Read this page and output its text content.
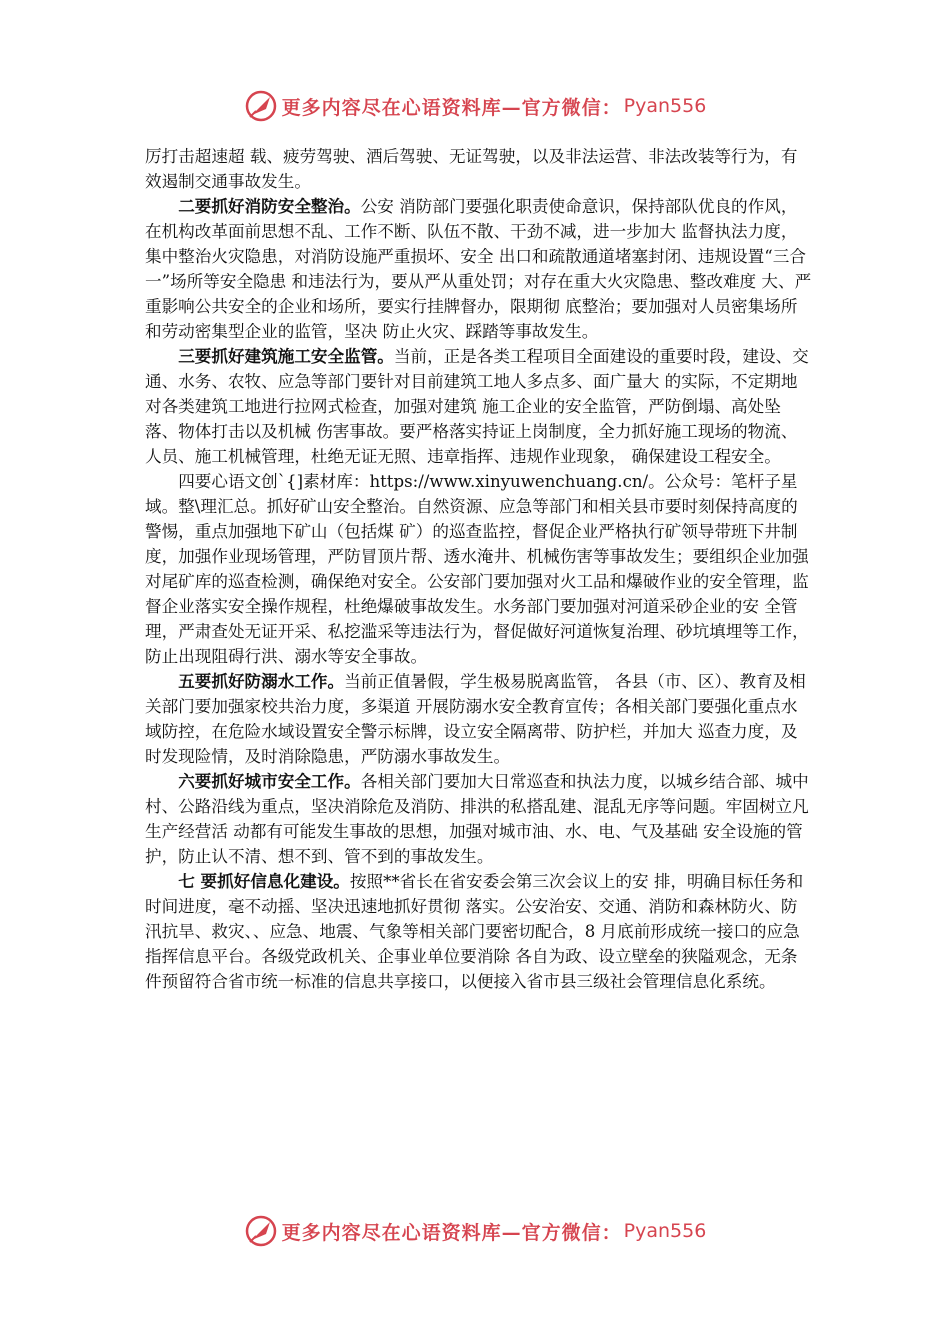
更多内容尽在心语资料库—官方微信： Pyan556

厉打击超速超 载、疲劳驾驶、酒后驾驶、无证驾驶，以及非法运营、非法改装等行为，有效遏制交通事故发生。

二要抓好消防安全整治。公安 消防部门要强化职责使命意识，保持部队优良的作风，在机构改革面前思想不乱、工作不断、队伍不散、干劲不减，进一步加大 监督执法力度，集中整治火灾隐患，对消防设施严重损坏、安全 出口和疏散通道堵塞封闭、违规设置“三合一”场所等安全隐患 和违法行为，要从严从重处罚；对存在重大火灾隐患、整改难度 大、严重影响公共安全的企业和场所，要实行挂牌督办，限期彻 底整治；要加强对人员密集场所和劳动密集型企业的监管，坚决 防止火灾、踩踏等事故发生。

三要抓好建筑施工安全监管。当前，正是各类工程项目全面建设的重要时段，建设、交通、水务、农牧、应急等部门要针对目前建筑工地人多点多、面广量大 的实际，不定期地对各类建筑工地进行拉网式检查，加强对建筑 施工企业的安全监管，严防倒塌、高处坠落、物体打击以及机械 伤害事故。要严格落实持证上岗制度，全力抓好施工现场的物流、人员、施工机械管理，杜绝无证无照、违章指挥、违规作业现象， 确保建设工程安全。

四要心语文创`{]素材库：https://www.xinyuwenchuang.cn/。公众号：笔杆子星域。整\理汇总。抓好矿山安全整治。自然资源、应急等部门和相关县市要时刻保持高度的警惕，重点加强地下矿山（包括煤 矿）的巡查监控，督促企业严格执行矿领导带班下井制度，加强作业现场管理，严防冒顶片帮、透水淹井、机械伤害等事故发生；要组织企业加强对尾矿库的巡查检测，确保绝对安全。公安部门要加强对火工品和爆破作业的安全管理，监督企业落实安全操作规程，杜绝爆破事故发生。水务部门要加强对河道采砂企业的安 全管理，严肃查处无证开采、私挖滥采等违法行为，督促做好河道恢复治理、砂坑填埋等工作，防止出现阻碍行洪、溺水等安全事故。

五要抓好防溺水工作。当前正值暑假，学生极易脱离监管， 各县（市、区）、教育及相关部门要加强家校共治力度，多渠道 开展防溺水安全教育宣传；各相关部门要强化重点水域防控，在危险水域设置安全警示标牌，设立安全隔离带、防护栏，并加大 巡查力度，及时发现险情，及时消除隐患，严防溺水事故发生。

六要抓好城市安全工作。各相关部门要加大日常巡查和执法力度，以城乡结合部、城中村、公路沿线为重点，坚决消除危及消防、排洪的私搭乱建、混乱无序等问题。牢固树立凡生产经营活 动都有可能发生事故的思想，加强对城市油、水、电、气及基础 安全设施的管护，防止认不清、想不到、管不到的事故发生。

七 要抓好信息化建设。按照**省长在省安委会第三次会议上的安 排，明确目标任务和时间进度，毫不动摇、坚决迅速地抓好贯彻 落实。公安治安、交通、消防和森林防火、防汛抗旱、救灾、、应急、地震、气象等相关部门要密切配合，8 月底前形成统一接口的应急指挥信息平台。各级党政机关、企事业单位要消除 各自为政、设立壁垒的狭隘观念，无条件预留符合省市统一标准的信息共享接口，以便接入省市县三级社会管理信息化系统。

更多内容尽在心语资料库—官方微信： Pyan556
